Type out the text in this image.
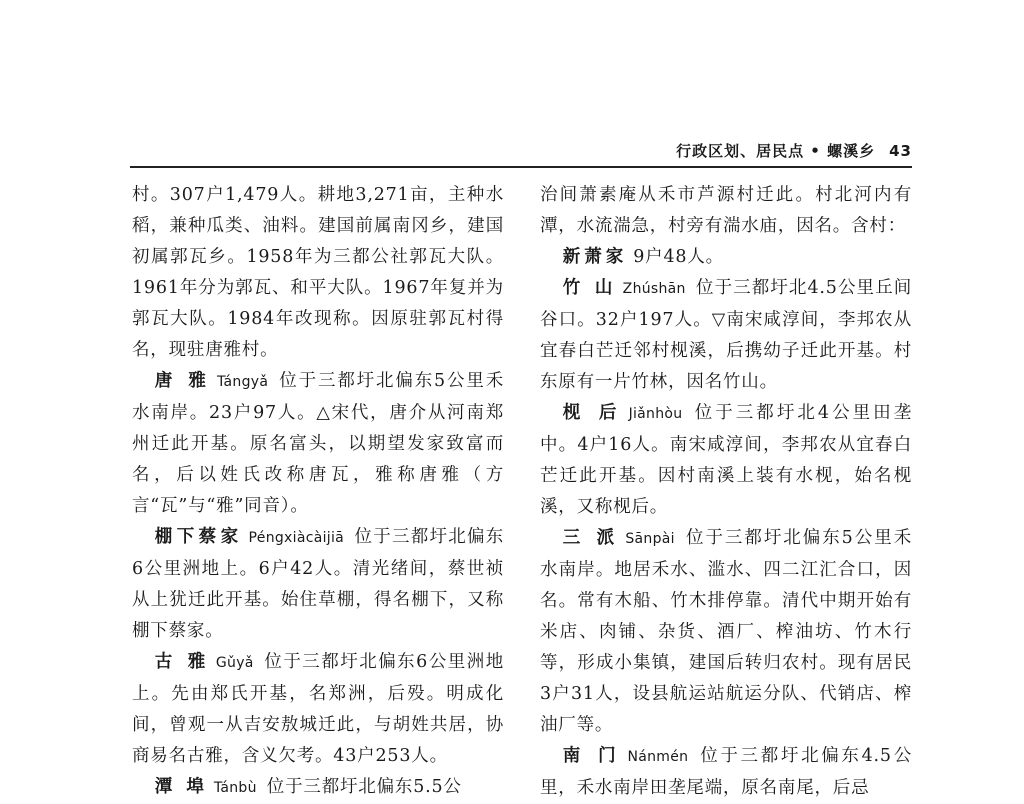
行政区划、居民点 • 螺溪乡 43

村。307户1,479人。耕地3,271亩，主种水稻，兼种瓜类、油料。建国前属南冈乡，建国初属郭瓦乡。1958年为三都公社郭瓦大队。1961年分为郭瓦、和平大队。1967年复并为郭瓦大队。1984年改现称。因原驻郭瓦村得名，现驻唐雅村。

唐 雅 Tángyǎ 位于三都圩北偏东5公里禾水南岸。23户97人。△宋代，唐介从河南郑州迁此开基。原名富头，以期望发家致富而名，后以姓氏改称唐瓦，雅称唐雅（方言“瓦”与“雅”同音）。

棚下蔡家 Péngxiàcàijiā 位于三都圩北偏东6公里洲地上。6户42人。清光绪间，蔡世祯从上犹迁此开基。始住草棚，得名棚下，又称棚下蔡家。

古 雅 Gǔyǎ 位于三都圩北偏东6公里洲地上。先由郑氏开基，名郑洲，后殁。明成化间，曾观一从吉安敖城迁此，与胡姓共居，协商易名古雅，含义欠考。43户253人。

潭 埠 Tánbù 位于三都圩北偏东5.5公

治间萧素庵从禾市芦源村迁此。村北河内有潭，水流湍急，村旁有湍水庙，因名。含村：

新萧家 9户48人。

竹 山 Zhúshān 位于三都圩北4.5公里丘间谷口。32户197人。▽南宋咸淳间，李邦农从宜春白芒迁邻村枧溪，后携幼子迁此开基。村东原有一片竹林，因名竹山。

枧 后 Jiǎnhòu 位于三都圩北4公里田垄中。4户16人。南宋咸淳间，李邦农从宜春白芒迁此开基。因村南溪上装有水枧，始名枧溪，又称枧后。

三 派 Sānpài 位于三都圩北偏东5公里禾水南岸。地居禾水、滥水、四二江汇合口，因名。常有木船、竹木排停靠。清代中期开始有米店、肉铺、杂货、酒厂、榨油坊、竹木行等，形成小集镇，建国后转归农村。现有居民3户31人，设县航运站航运分队、代销店、榨油厂等。

南 门 Nánmén 位于三都圩北偏东4.5公里，禾水南岸田垄尾端，原名南尾，后忌
